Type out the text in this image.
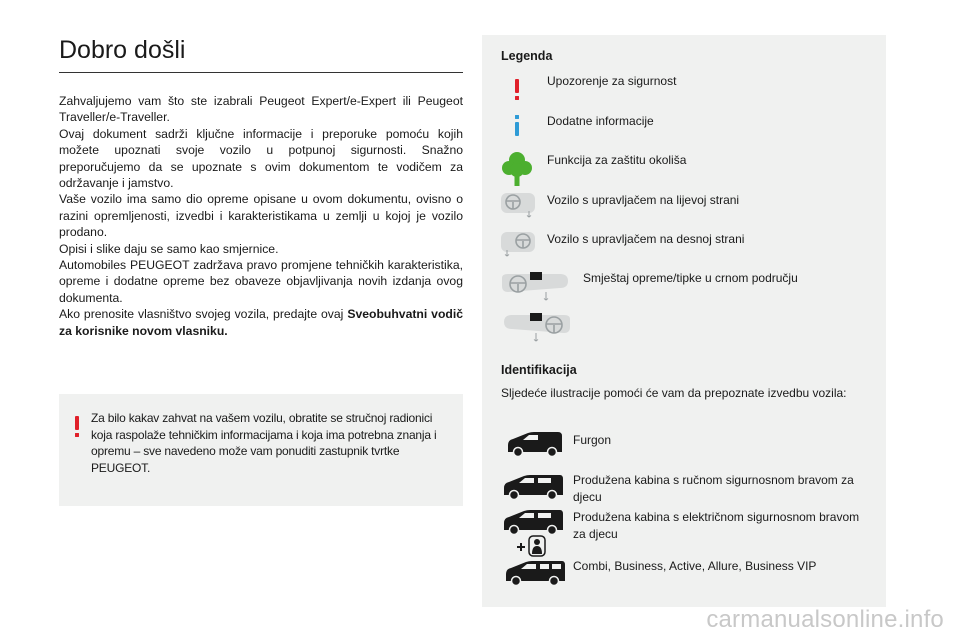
Dobro došli

Zahvaljujemo vam što ste izabrali Peugeot Expert/e-Expert ili Peugeot Traveller/e-Traveller.

Ovaj dokument sadrži ključne informacije i preporuke pomoću kojih možete upoznati svoje vozilo u potpunoj sigurnosti. Snažno preporučujemo da se upoznate s ovim dokumentom te vodičem za održavanje i jamstvo.

Vaše vozilo ima samo dio opreme opisane u ovom dokumentu, ovisno o razini opremljenosti, izvedbi i karakteristikama u zemlji u kojoj je vozilo prodano.

Opisi i slike daju se samo kao smjernice.

Automobiles PEUGEOT zadržava pravo promjene tehničkih karakteristika, opreme i dodatne opreme bez obaveze objavljivanja novih izdanja ovog dokumenta.

Ako prenosite vlasništvo svojeg vozila, predajte ovaj Sveobuhvatni vodič za korisnike novom vlasniku.

Za bilo kakav zahvat na vašem vozilu, obratite se stručnoj radionici koja raspolaže tehničkim informacijama i koja ima potrebna znanja i opremu – sve navedeno može vam ponuditi zastupnik tvrtke PEUGEOT.
Legenda
Upozorenje za sigurnost
Dodatne informacije
Funkcija za zaštitu okoliša
Vozilo s upravljačem na lijevoj strani
Vozilo s upravljačem na desnoj strani
Smještaj opreme/tipke u crnom području
Identifikacija
Sljedeće ilustracije pomoći će vam da prepoznate izvedbu vozila:
Furgon
Produžena kabina s ručnom sigurnosnom bravom za djecu
Produžena kabina s električnom sigurnosnom bravom za djecu
Combi, Business, Active, Allure, Business VIP
carmanualsonline.info
